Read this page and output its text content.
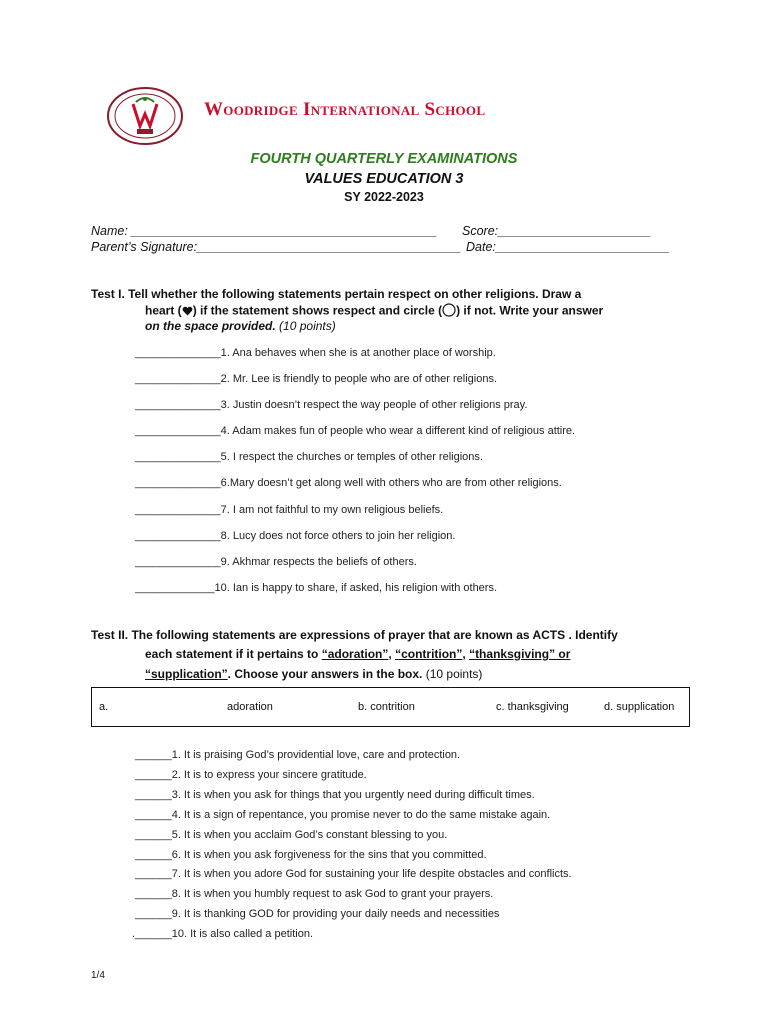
Woodridge International School
FOURTH QUARTERLY EXAMINATIONS
VALUES EDUCATION 3
SY 2022-2023
Name: ____________________________________________ Score:______________________
Parent’s Signature:______________________________________ Date:_________________________
Test I. Tell whether the following statements pertain respect on other religions. Draw a
heart ( ) if the statement shows respect and circle ( ) if not. Write your answer
on the space provided. (10 points)
______________1. Ana behaves when she is at another place of worship.
______________2. Mr. Lee is friendly to people who are of other religions.
______________3. Justin doesn’t respect the way people of other religions pray.
______________4. Adam makes fun of people who wear a different kind of religious attire.
______________5. I respect the churches or temples of other religions.
______________6.Mary doesn’t get along well with others who are from other religions.
______________7. I am not faithful to my own religious beliefs.
______________8. Lucy does not force others to join her religion.
______________9. Akhmar respects the beliefs of others.
_____________10. Ian is happy to share, if asked, his religion with others.
Test II. The following statements are expressions of prayer that are known as ACTS . Identify
each statement if it pertains to “adoration”, “contrition”, “thanksgiving” or
“supplication”. Choose your answers in the box. (10 points)
a.	adoration	b. contrition	c. thanksgiving	d. supplication
______1. It is praising God’s providential love, care and protection.
______2. It is to express your sincere gratitude.
______3. It is when you ask for things that you urgently need during difficult times.
______4. It is a sign of repentance, you promise never to do the same mistake again.
______5. It is when you acclaim God’s constant blessing to you.
______6. It is when you ask forgiveness for the sins that you committed.
______7. It is when you adore God for sustaining your life despite obstacles and conflicts.
______8. It is when you humbly request to ask God to grant your prayers.
______9. It is thanking GOD for providing your daily needs and necessities
.______10. It is also called a petition.
1/4
